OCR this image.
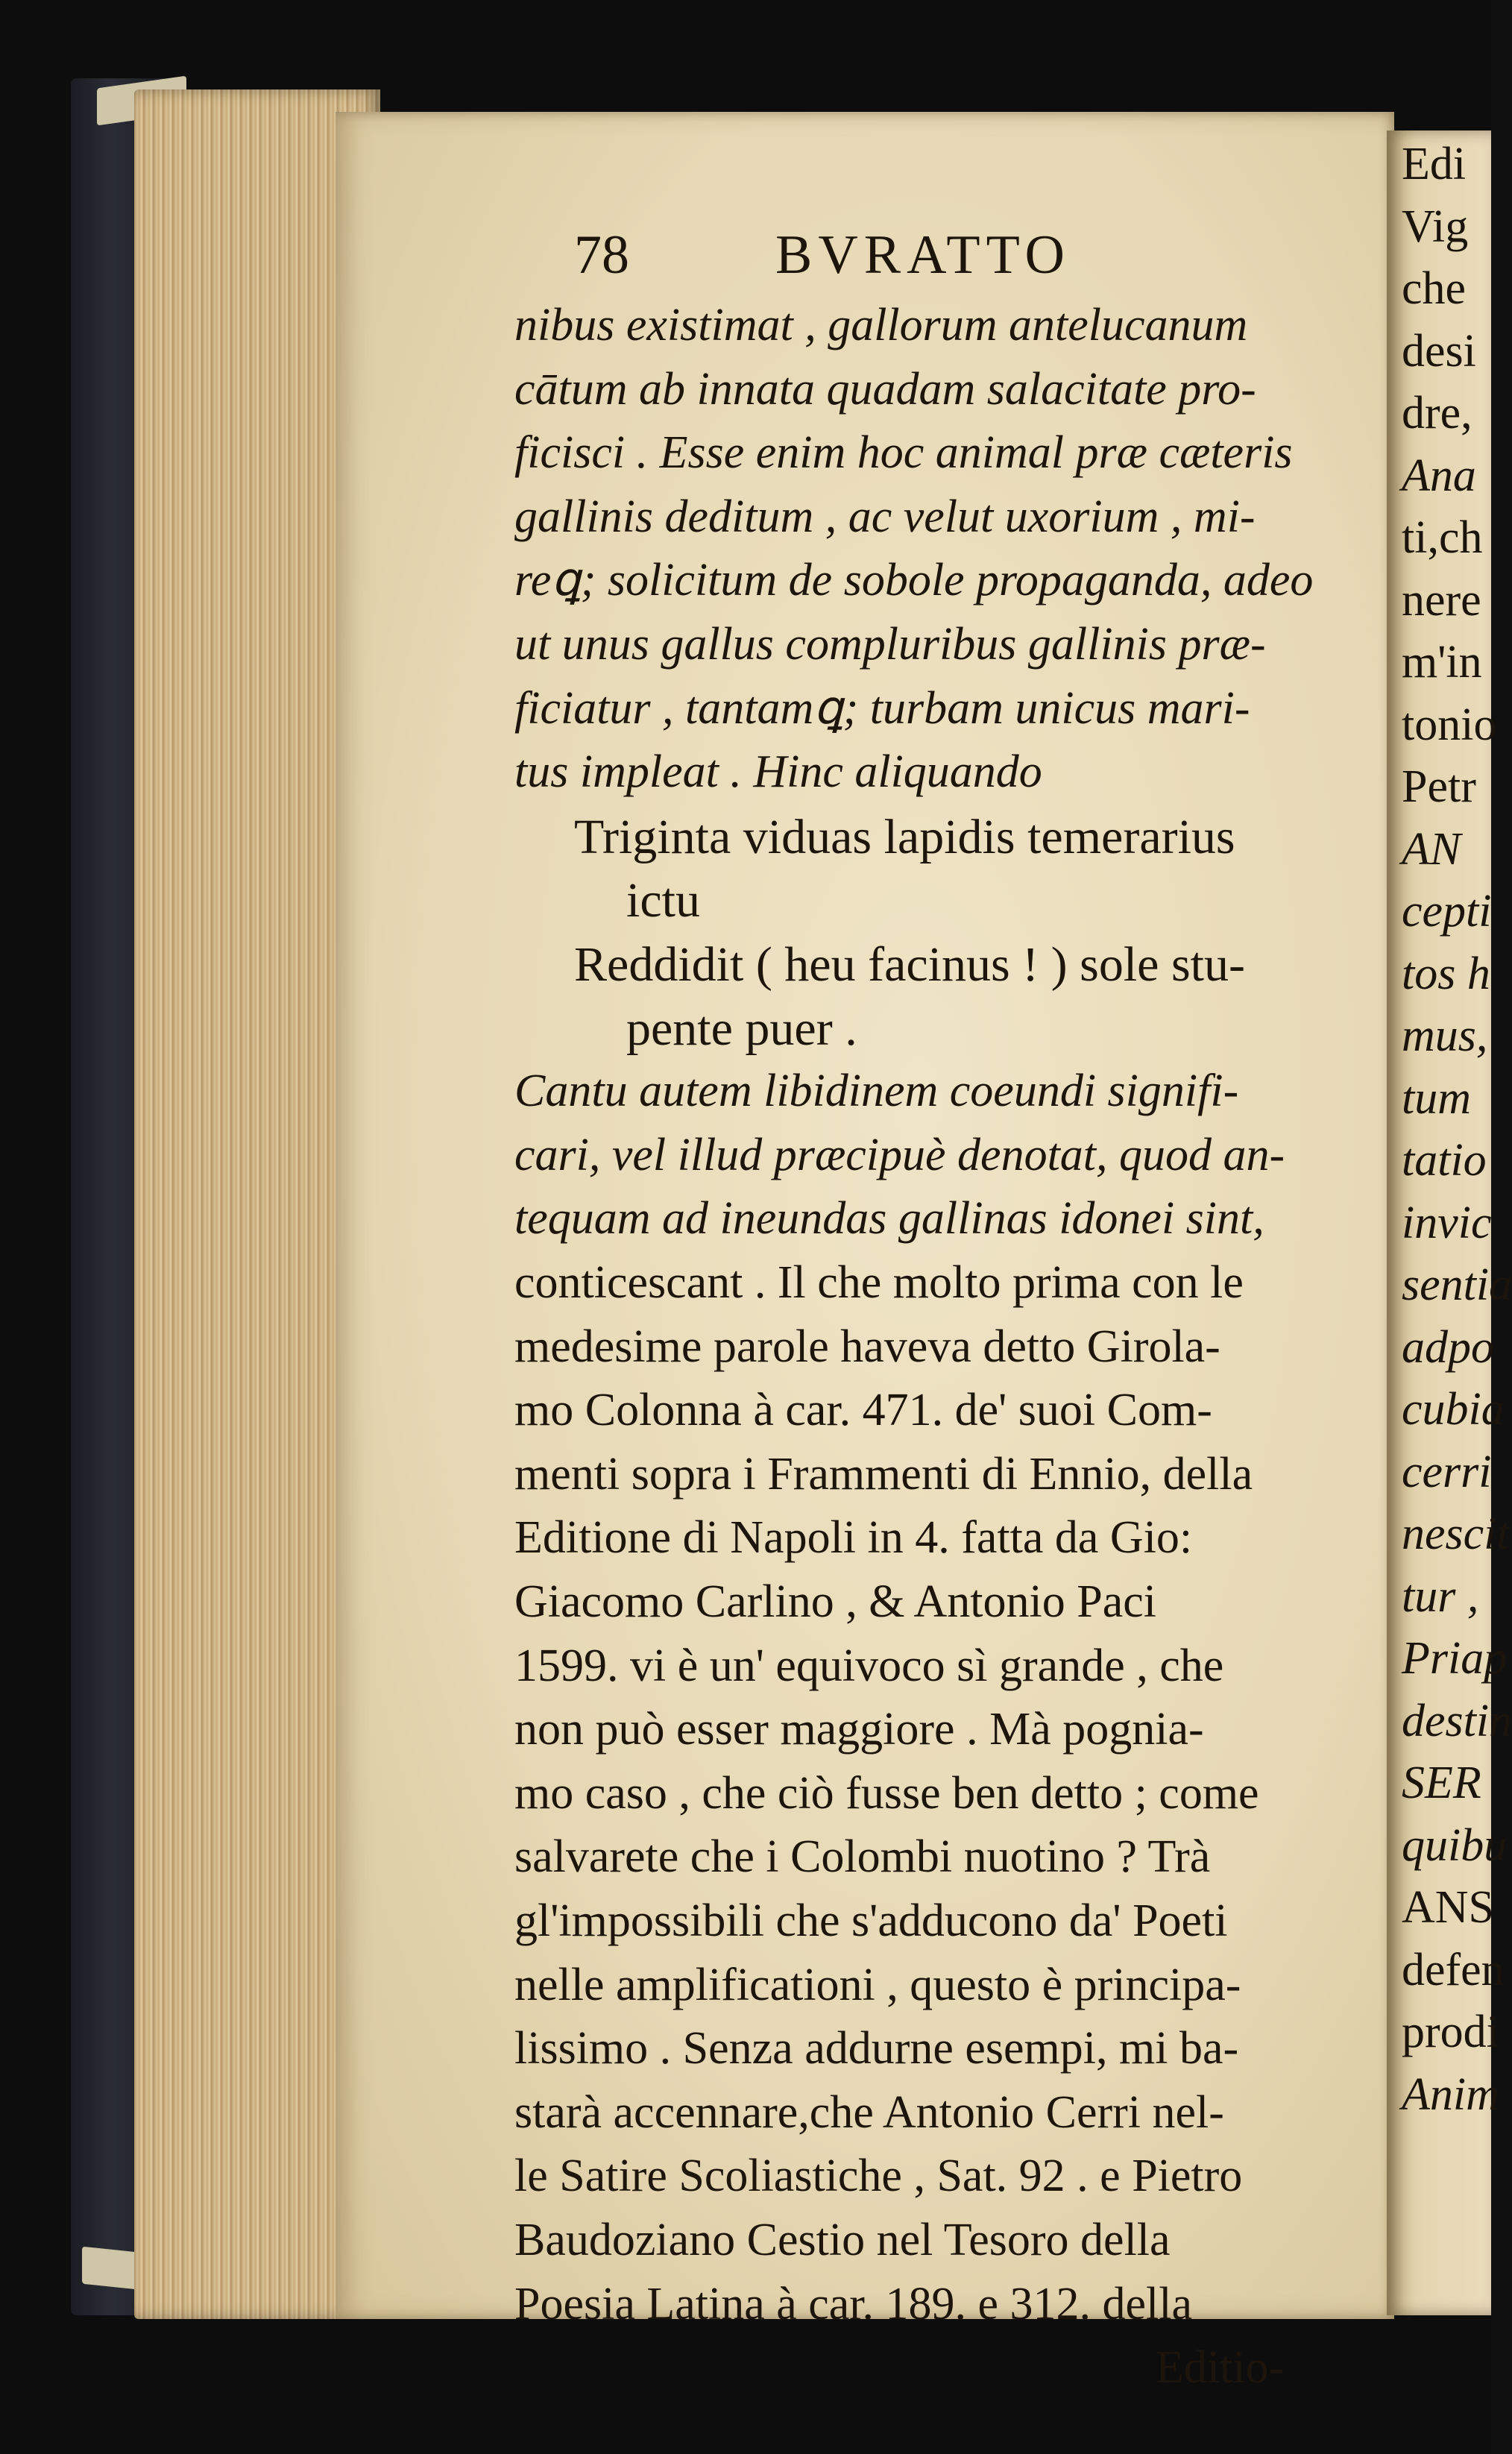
Edi
Vig
che
desi
dre,
Ana
ti,ch
nere
m'in
tonio
Petr
AN
cepti
tos h
mus,
tum
tatio
invic
sentia
adpo
cubia
cerri
nescit
tur ,
Priap
destin
SER
quibu
ANS
defen
prodi
Anim
78	BVRATTO
nibus existimat , gallorum antelucanum
cātum ab innata quadam salacitate pro-
ficisci . Esse enim hoc animal præ cæteris
gallinis deditum , ac velut uxorium , mi-
reꝗ; solicitum de sobole propaganda, adeo
ut unus gallus compluribus gallinis præ-
ficiatur , tantamꝗ; turbam unicus mari-
tus impleat . Hinc aliquando
Triginta viduas lapidis temerarius
ictu
Reddidit ( heu facinus ! ) sole stu-
pente puer .
Cantu autem libidinem coeundi signifi-
cari, vel illud præcipuè denotat, quod an-
tequam ad ineundas gallinas idonei sint,
conticescant . Il che molto prima con le
medesime parole haveva detto Girola-
mo Colonna à car. 471. de' suoi Com-
menti sopra i Frammenti di Ennio, della
Editione di Napoli in 4. fatta da Gio:
Giacomo Carlino , & Antonio Paci
1599. vi è un' equivoco sì grande , che
non può esser maggiore . Mà pognia-
mo caso , che ciò fusse ben detto ; come
salvarete che i Colombi nuotino ? Trà
gl'impossibili che s'adducono da' Poeti
nelle amplificationi , questo è principa-
lissimo . Senza addurne esempi, mi ba-
starà accennare,che Antonio Cerri nel-
le Satire Scoliastiche , Sat. 92 . e Pietro
Baudoziano Cestio nel Tesoro della
Poesia Latina à car. 189. e 312. della
Editio-
